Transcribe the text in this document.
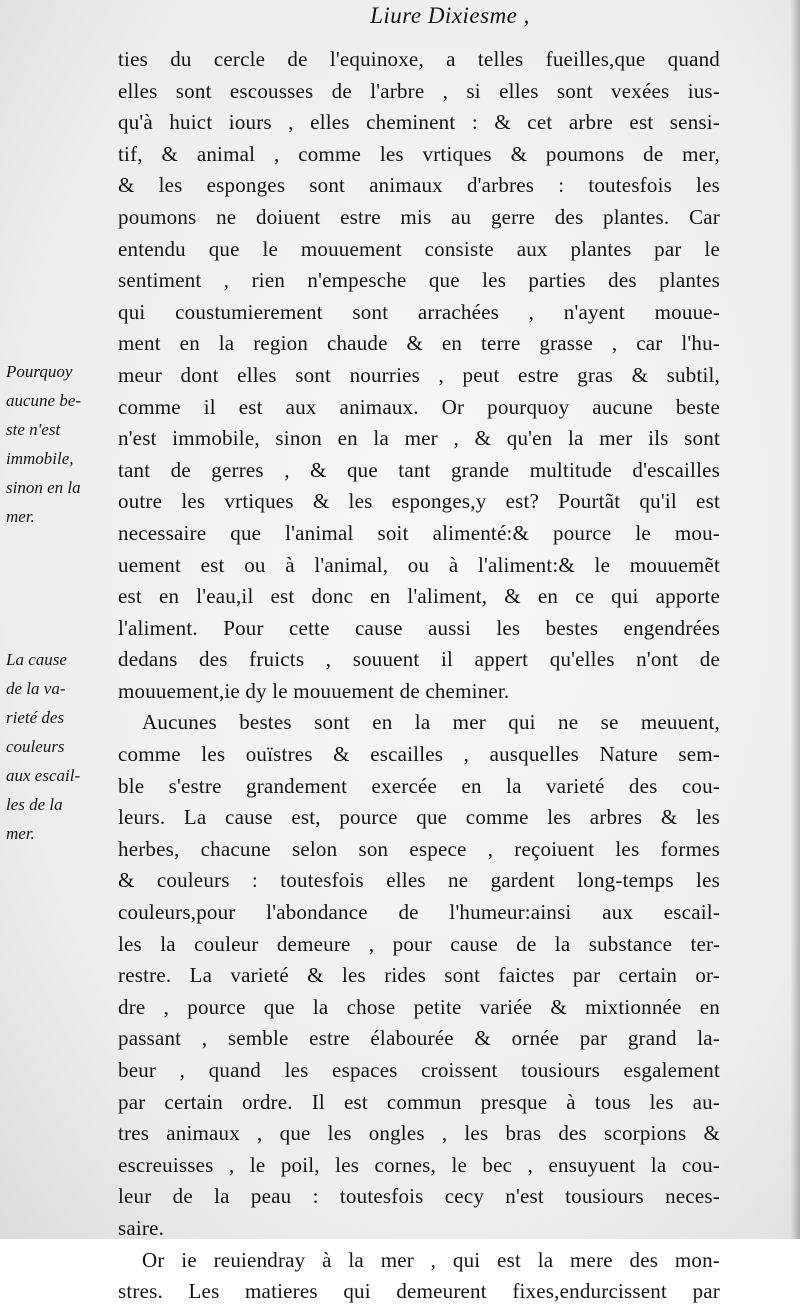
Liure Dixiesme ,
ties du cercle de l'equinoxe, a telles fueilles,que quand
elles sont escousses de l'arbre , si elles sont vexées ius-
qu'à huict iours , elles cheminent : & cet arbre est sensi-
tif, & animal , comme les vrtiques & poumons de mer,
& les esponges sont animaux d'arbres : toutesfois les
poumons ne doiuent estre mis au gerre des plantes. Car
entendu que le mouuement consiste aux plantes par le
sentiment , rien n'empesche que les parties des plantes
qui coustumierement sont arrachées , n'ayent mouue-
ment en la region chaude & en terre grasse , car l'hu-
meur dont elles sont nourries , peut estre gras & subtil,
comme il est aux animaux. Or pourquoy aucune beste
n'est immobile, sinon en la mer , & qu'en la mer ils sont
tant de gerres , & que tant grande multitude d'escailles
outre les vrtiques & les esponges,y est? Pourtãt qu'il est
necessaire que l'animal soit alimenté:& pource le mou-
uement est ou à l'animal, ou à l'aliment:& le mouuemẽt
est en l'eau,il est donc en l'aliment, & en ce qui apporte
l'aliment. Pour cette cause aussi les bestes engendrées
dedans des fruicts , souuent il appert qu'elles n'ont de
mouuement,ie dy le mouuement de cheminer.
Aucunes bestes sont en la mer qui ne se meuuent,
comme les ouïstres & escailles , ausquelles Nature sem-
ble s'estre grandement exercée en la varieté des cou-
leurs. La cause est, pource que comme les arbres & les
herbes, chacune selon son espece , reçoiuent les formes
& couleurs : toutesfois elles ne gardent long-temps les
couleurs,pour l'abondance de l'humeur:ainsi aux escail-
les la couleur demeure , pour cause de la substance ter-
restre. La varieté & les rides sont faictes par certain or-
dre , pource que la chose petite variée & mixtionnée en
passant , semble estre élabourée & ornée par grand la-
beur , quand les espaces croissent tousiours esgalement
par certain ordre. Il est commun presque à tous les au-
tres animaux , que les ongles , les bras des scorpions &
escreuisses , le poil, les cornes, le bec , ensuyuent la cou-
leur de la peau : toutesfois cecy n'est tousiours neces-
saire.
Or ie reuiendray à la mer , qui est la mere des mon-
stres. Les matieres qui demeurent fixes,endurcissent par
Pourquoy
aucune be-
ste n'est
immobile,
sinon en la
mer.
La cause
de la va-
rieté des
couleurs
aux escail-
les de la
mer.
